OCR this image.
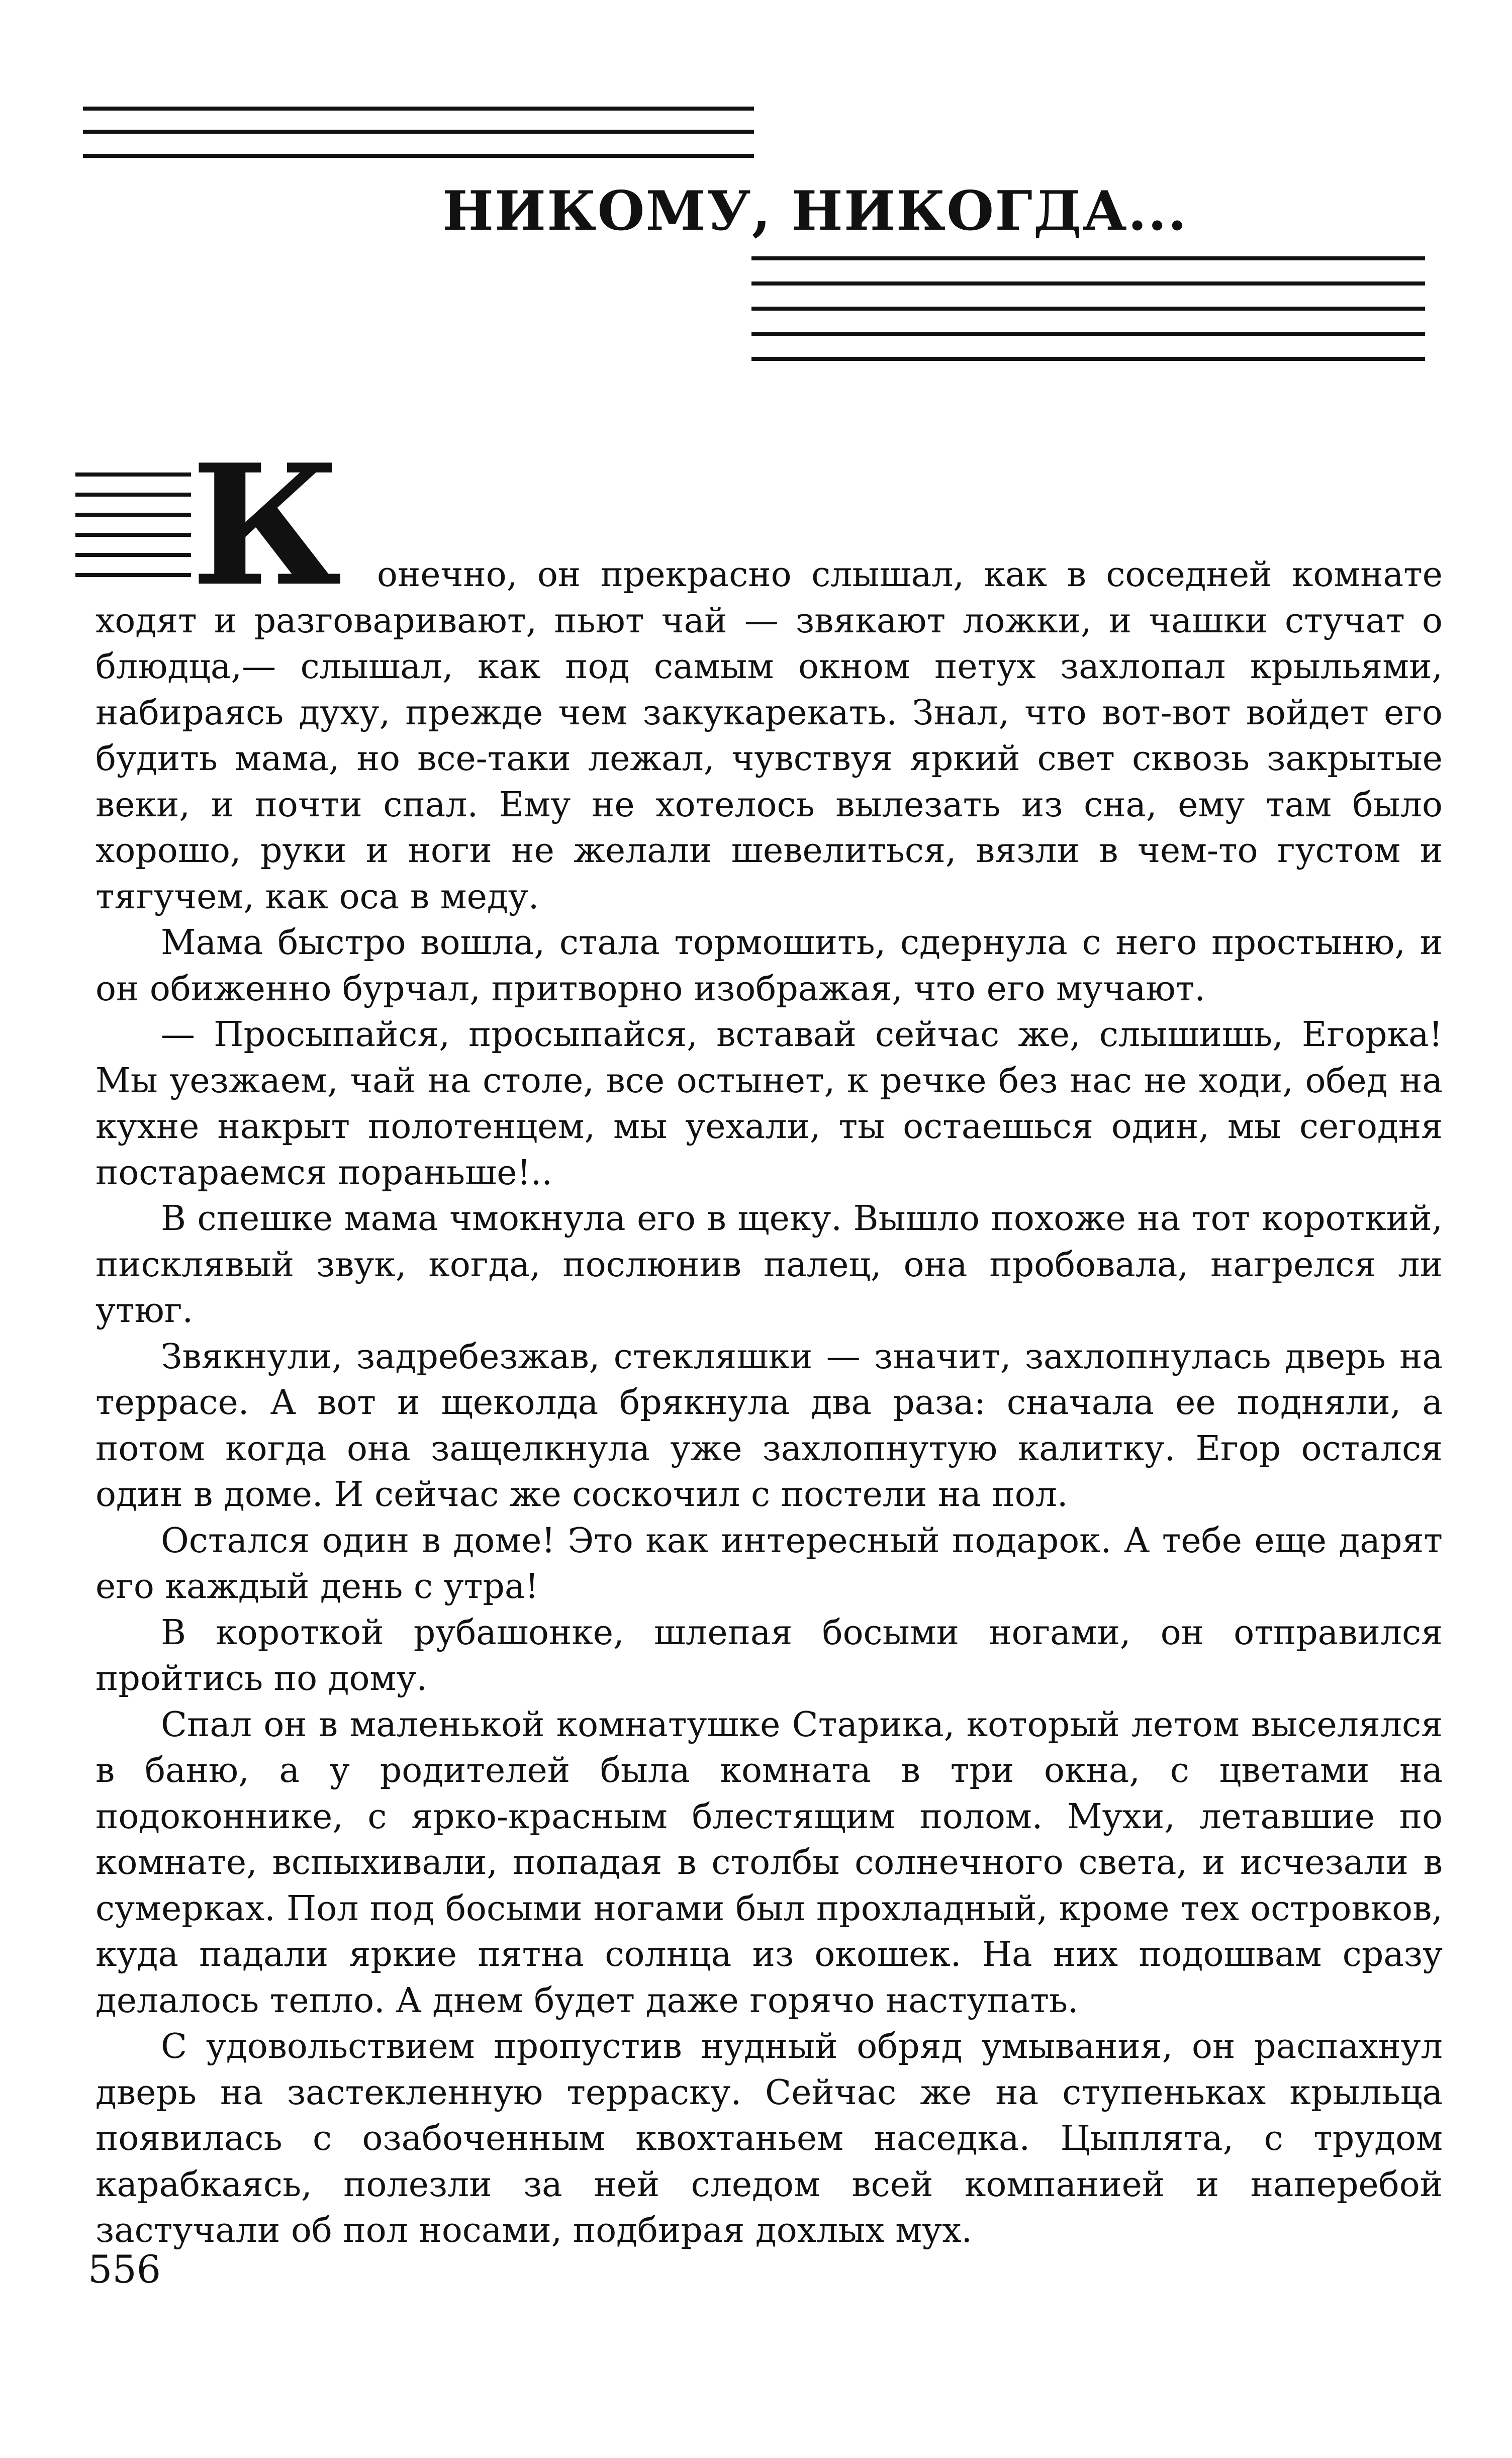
НИКОМУ, НИКОГДА...
К	онечно, он прекрасно слышал, как в соседней комнате ходят и разговаривают, пьют чай — звякают ложки, и чашки стучат о блюдца,— слышал, как под самым окном петух захлопал крыльями, набираясь духу, прежде чем закукарекать. Знал, что вот-вот войдет его будить мама, но все-таки лежал, чувствуя яркий свет сквозь закрытые веки, и почти спал. Ему не хотелось вылезать из сна, ему там было хорошо, руки и ноги не желали шевелиться, вязли в чем-то густом и тягучем, как оса в меду.

Мама быстро вошла, стала тормошить, сдернула с него простыню, и он обиженно бурчал, притворно изображая, что его мучают.

— Просыпайся, просыпайся, вставай сейчас же, слышишь, Егорка! Мы уезжаем, чай на столе, все остынет, к речке без нас не ходи, обед на кухне накрыт полотенцем, мы уехали, ты остаешься один, мы сегодня постараемся пораньше!..

В спешке мама чмокнула его в щеку. Вышло похоже на тот короткий, писклявый звук, когда, послюнив палец, она пробовала, нагрелся ли утюг.

Звякнули, задребезжав, стекляшки — значит, захлопнулась дверь на террасе. А вот и щеколда брякнула два раза: сначала ее подняли, а потом когда она защелкнула уже захлопнутую калитку. Егор остался один в доме. И сейчас же соскочил с постели на пол.

Остался один в доме! Это как интересный подарок. А тебе еще дарят его каждый день с утра!

В короткой рубашонке, шлепая босыми ногами, он отправился пройтись по дому.

Спал он в маленькой комнатушке Старика, который летом выселялся в баню, а у родителей была комната в три окна, с цветами на подоконнике, с ярко-красным блестящим полом. Мухи, летавшие по комнате, вспыхивали, попадая в столбы солнечного света, и исчезали в сумерках. Пол под босыми ногами был прохладный, кроме тех островков, куда падали яркие пятна солнца из окошек. На них подошвам сразу делалось тепло. А днем будет даже горячо наступать.

С удовольствием пропустив нудный обряд умывания, он распахнул дверь на застекленную терраску. Сейчас же на ступеньках крыльца появилась с озабоченным квохтаньем наседка. Цыплята, с трудом карабкаясь, полезли за ней следом всей компанией и наперебой застучали об пол носами, подбирая дохлых мух.

556
